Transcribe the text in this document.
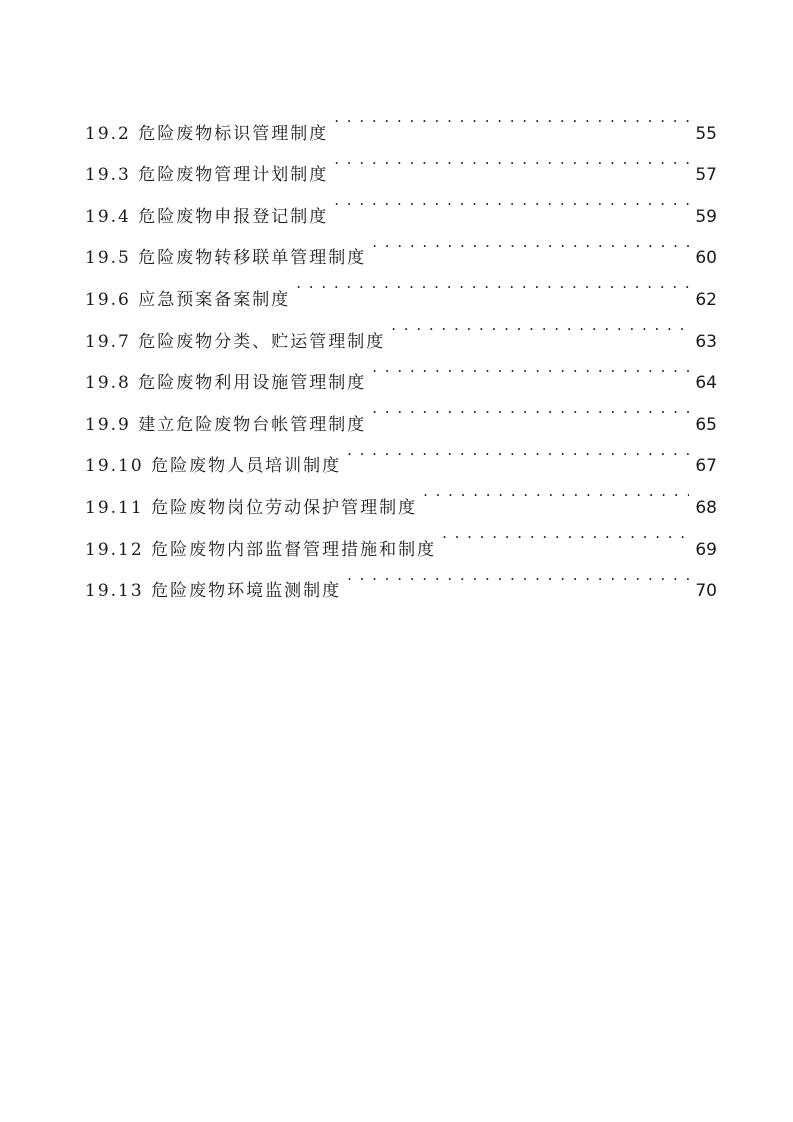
19.2 危险废物标识管理制度 . . .	55
19.3 危险废物管理计划制度 . . .	57
19.4 危险废物申报登记制度 . . .	59
19.5 危险废物转移联单管理制度 . . .	60
19.6 应急预案备案制度 . . .	62
19.7 危险废物分类、贮运管理制度 . . .	63
19.8 危险废物利用设施管理制度 . . .	64
19.9 建立危险废物台帐管理制度 . . .	65
19.10 危险废物人员培训制度 . . .	67
19.11 危险废物岗位劳动保护管理制度 . . .	68
19.12 危险废物内部监督管理措施和制度 . . .	69
19.13 危险废物环境监测制度 . . .	70
